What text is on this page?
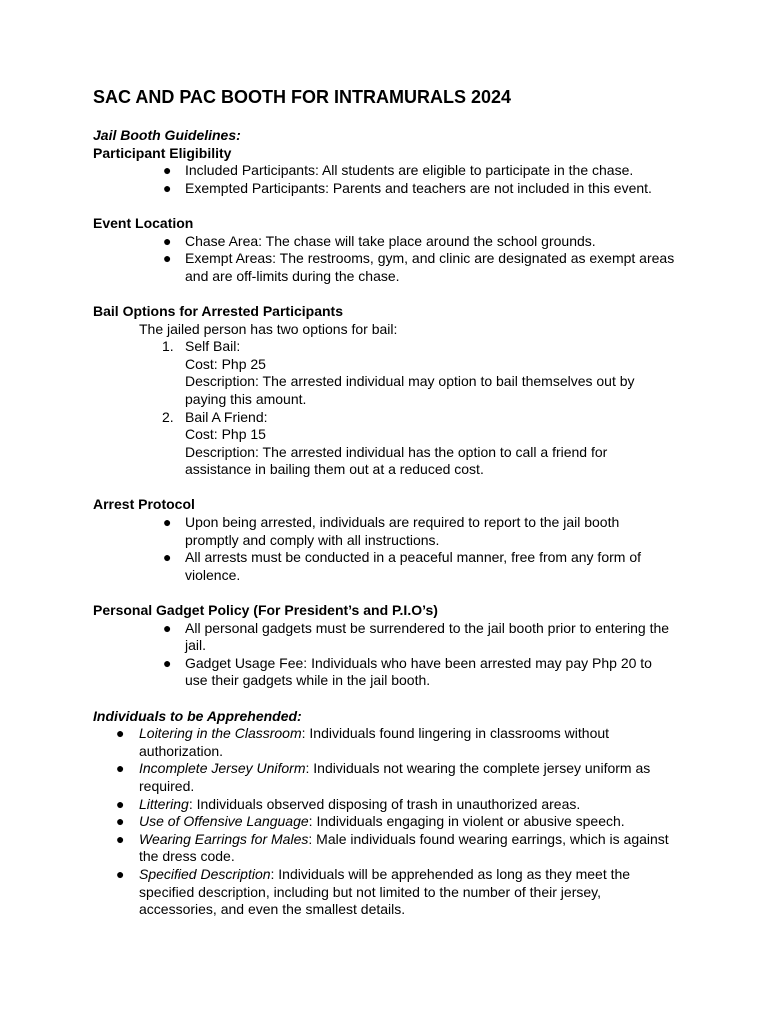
SAC AND PAC BOOTH FOR INTRAMURALS 2024
Jail Booth Guidelines:
Participant Eligibility
● Included Participants: All students are eligible to participate in the chase.
● Exempted Participants: Parents and teachers are not included in this event.
Event Location
● Chase Area: The chase will take place around the school grounds.
● Exempt Areas: The restrooms, gym, and clinic are designated as exempt areas and are off-limits during the chase.
Bail Options for Arrested Participants
The jailed person has two options for bail:
1. Self Bail:
Cost: Php 25
Description: The arrested individual may option to bail themselves out by paying this amount.
2. Bail A Friend:
Cost: Php 15
Description: The arrested individual has the option to call a friend for assistance in bailing them out at a reduced cost.
Arrest Protocol
● Upon being arrested, individuals are required to report to the jail booth promptly and comply with all instructions.
● All arrests must be conducted in a peaceful manner, free from any form of violence.
Personal Gadget Policy (For President’s and P.I.O’s)
● All personal gadgets must be surrendered to the jail booth prior to entering the jail.
● Gadget Usage Fee: Individuals who have been arrested may pay Php 20 to use their gadgets while in the jail booth.
Individuals to be Apprehended:
● Loitering in the Classroom: Individuals found lingering in classrooms without authorization.
● Incomplete Jersey Uniform: Individuals not wearing the complete jersey uniform as required.
● Littering: Individuals observed disposing of trash in unauthorized areas.
● Use of Offensive Language: Individuals engaging in violent or abusive speech.
● Wearing Earrings for Males: Male individuals found wearing earrings, which is against the dress code.
● Specified Description: Individuals will be apprehended as long as they meet the specified description, including but not limited to the number of their jersey, accessories, and even the smallest details.
